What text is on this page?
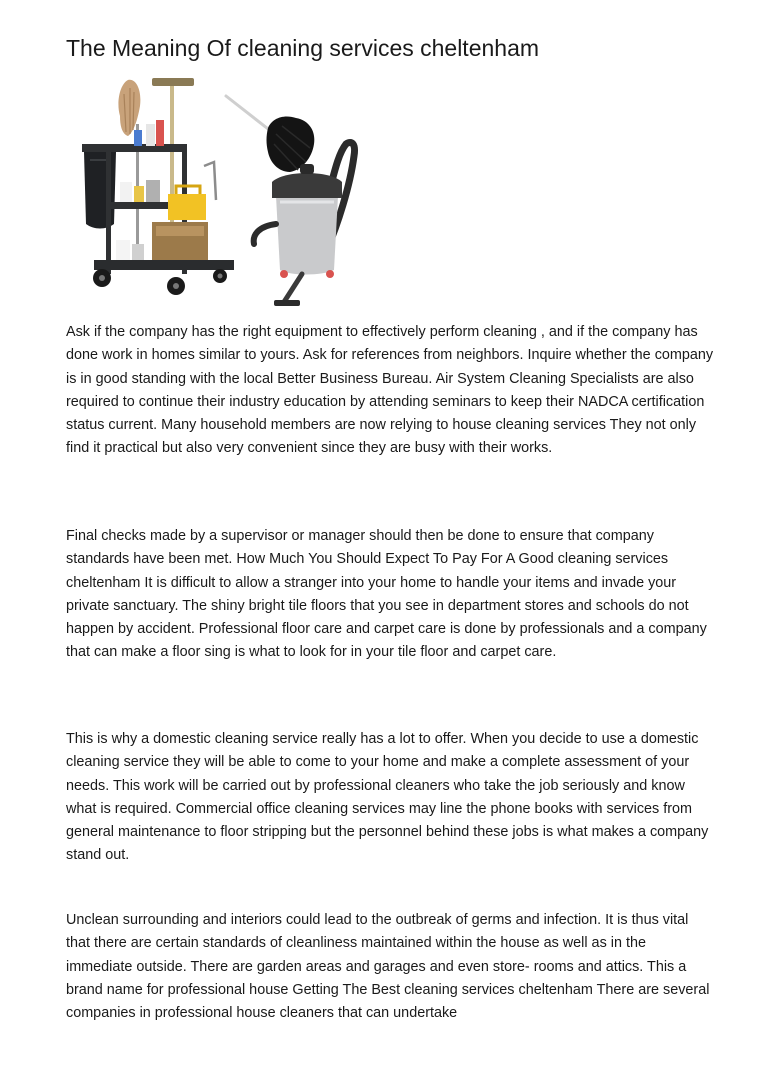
The Meaning Of cleaning services cheltenham

Ask if the company has the right equipment to effectively perform cleaning , and if the company has done work in homes similar to yours. Ask for references from neighbors. Inquire whether the company is in good standing with the local Better Business Bureau. Air System Cleaning Specialists are also required to continue their industry education by attending seminars to keep their NADCA certification status current. Many household members are now relying to house cleaning services They not only find it practical but also very convenient since they are busy with their works.

Final checks made by a supervisor or manager should then be done to ensure that company standards have been met. How Much You Should Expect To Pay For A Good cleaning services cheltenham It is difficult to allow a stranger into your home to handle your items and invade your private sanctuary. The shiny bright tile floors that you see in department stores and schools do not happen by accident. Professional floor care and carpet care is done by professionals and a company that can make a floor sing is what to look for in your tile floor and carpet care.

This is why a domestic cleaning service really has a lot to offer. When you decide to use a domestic cleaning service they will be able to come to your home and make a complete assessment of your needs. This work will be carried out by professional cleaners who take the job seriously and know what is required. Commercial office cleaning services may line the phone books with services from general maintenance to floor stripping but the personnel behind these jobs is what makes a company stand out.

Unclean surrounding and interiors could lead to the outbreak of germs and infection. It is thus vital that there are certain standards of cleanliness maintained within the house as well as in the immediate outside. There are garden areas and garages and even store- rooms and attics. This a brand name for professional house Getting The Best cleaning services cheltenham There are several companies in professional house cleaners that can undertake
